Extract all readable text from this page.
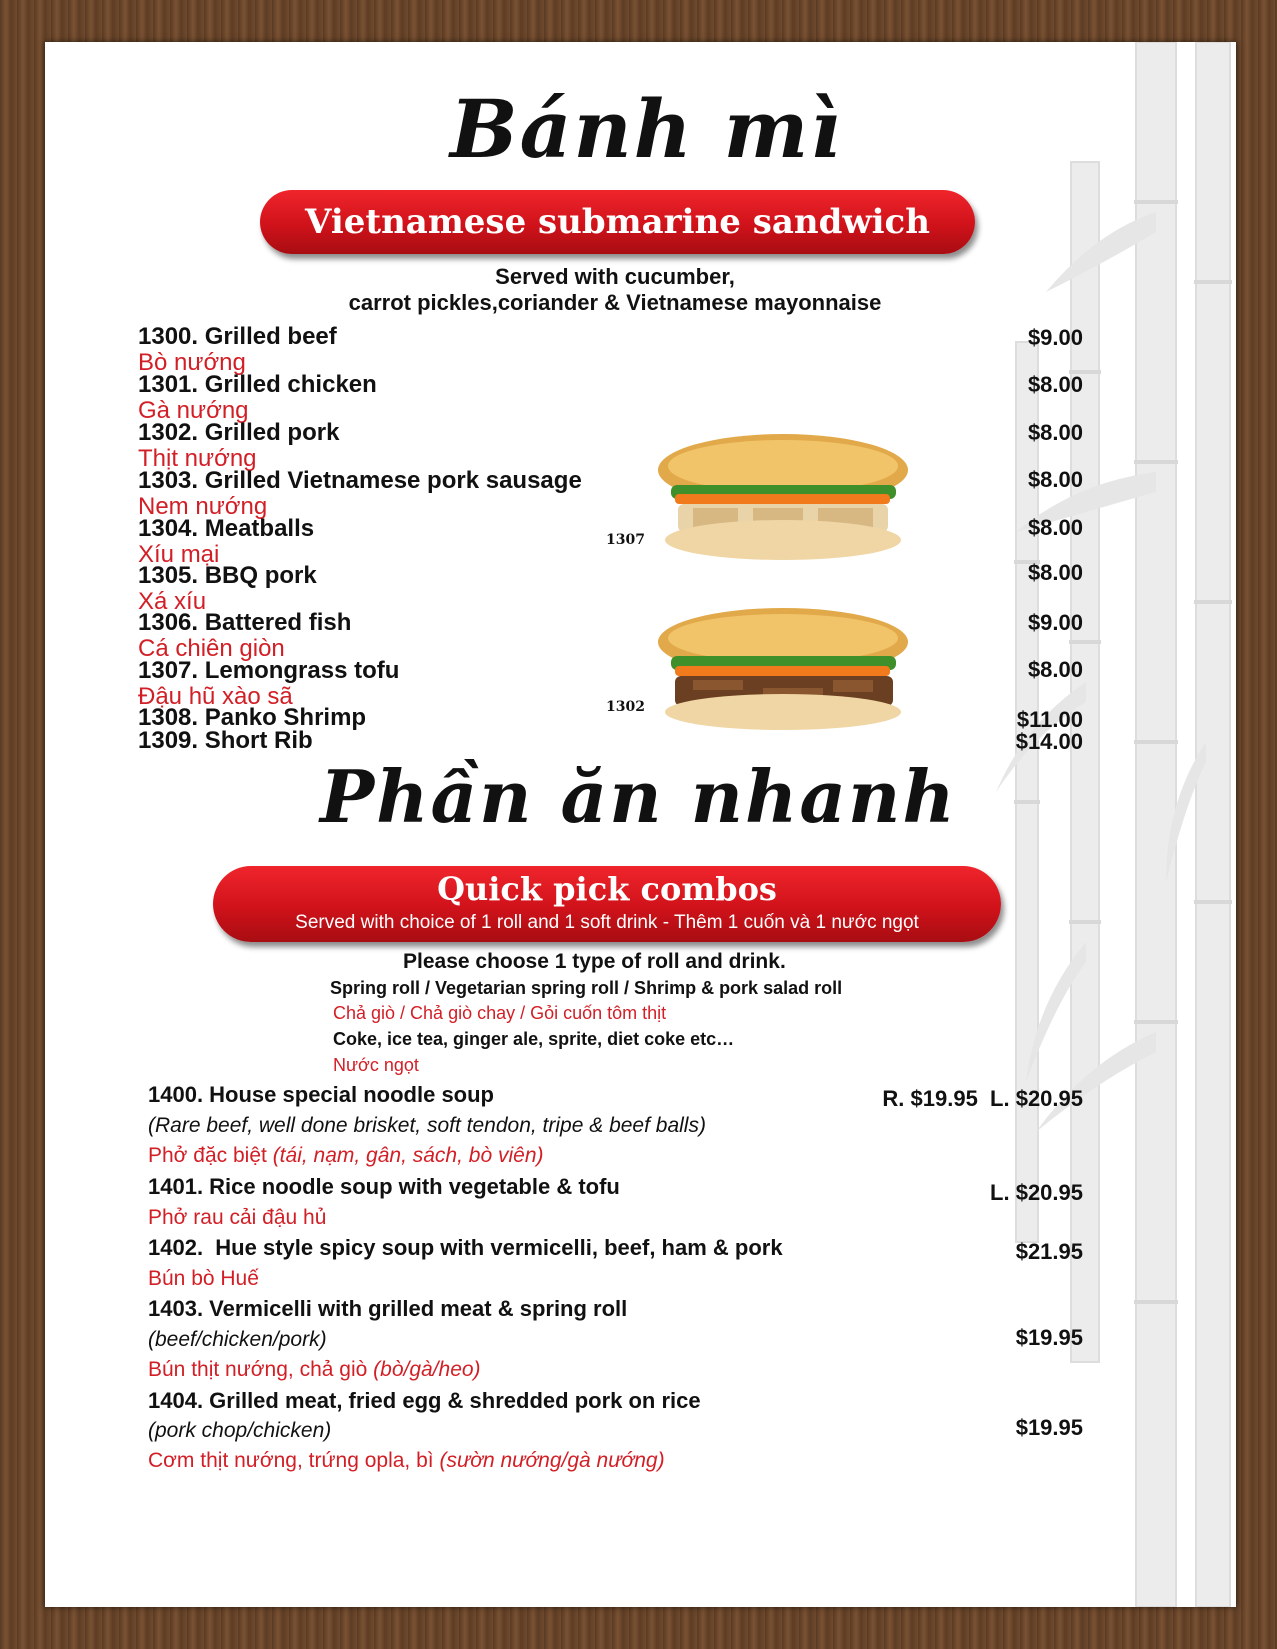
Bánh mì
Vietnamese submarine sandwich
Served with cucumber,
carrot pickles,coriander & Vietnamese mayonnaise
1300. Grilled beef
Bò nướng
$9.00
1301. Grilled chicken
Gà nướng
$8.00
1302. Grilled pork
Thịt nướng
$8.00
1303. Grilled Vietnamese pork sausage
Nem nướng
$8.00
1304. Meatballs
Xíu mại
$8.00
1305. BBQ pork
Xá xíu
$8.00
1306. Battered fish
Cá chiên giòn
$9.00
1307. Lemongrass tofu
Đậu hũ xào sã
$8.00
1308. Panko Shrimp	$11.00
1309. Short Rib	$14.00
1307
1302
Phần ăn nhanh
Quick pick combos
Served with choice of 1 roll and 1 soft drink - Thêm 1 cuốn và 1 nước ngọt
Please choose 1 type of roll and drink.
Spring roll / Vegetarian spring roll / Shrimp & pork salad roll
Chả giò / Chả giò chay / Gỏi cuốn tôm thịt
Coke, ice tea, ginger ale, sprite, diet coke etc…
Nước ngọt
1400. House special noodle soup
(Rare beef, well done brisket, soft tendon, tripe & beef balls)
Phở đặc biệt (tái, nạm, gân, sách, bò viên)
R. $19.95  L. $20.95
1401. Rice noodle soup with vegetable & tofu
Phở rau cải đậu hủ
L. $20.95
1402.  Hue style spicy soup with vermicelli, beef, ham & pork
Bún bò Huế
$21.95
1403. Vermicelli with grilled meat & spring roll
(beef/chicken/pork)
Bún thịt nướng, chả giò (bò/gà/heo)
$19.95
1404. Grilled meat, fried egg & shredded pork on rice
(pork chop/chicken)
Cơm thịt nướng, trứng opla, bì (sườn nướng/gà nướng)
$19.95
